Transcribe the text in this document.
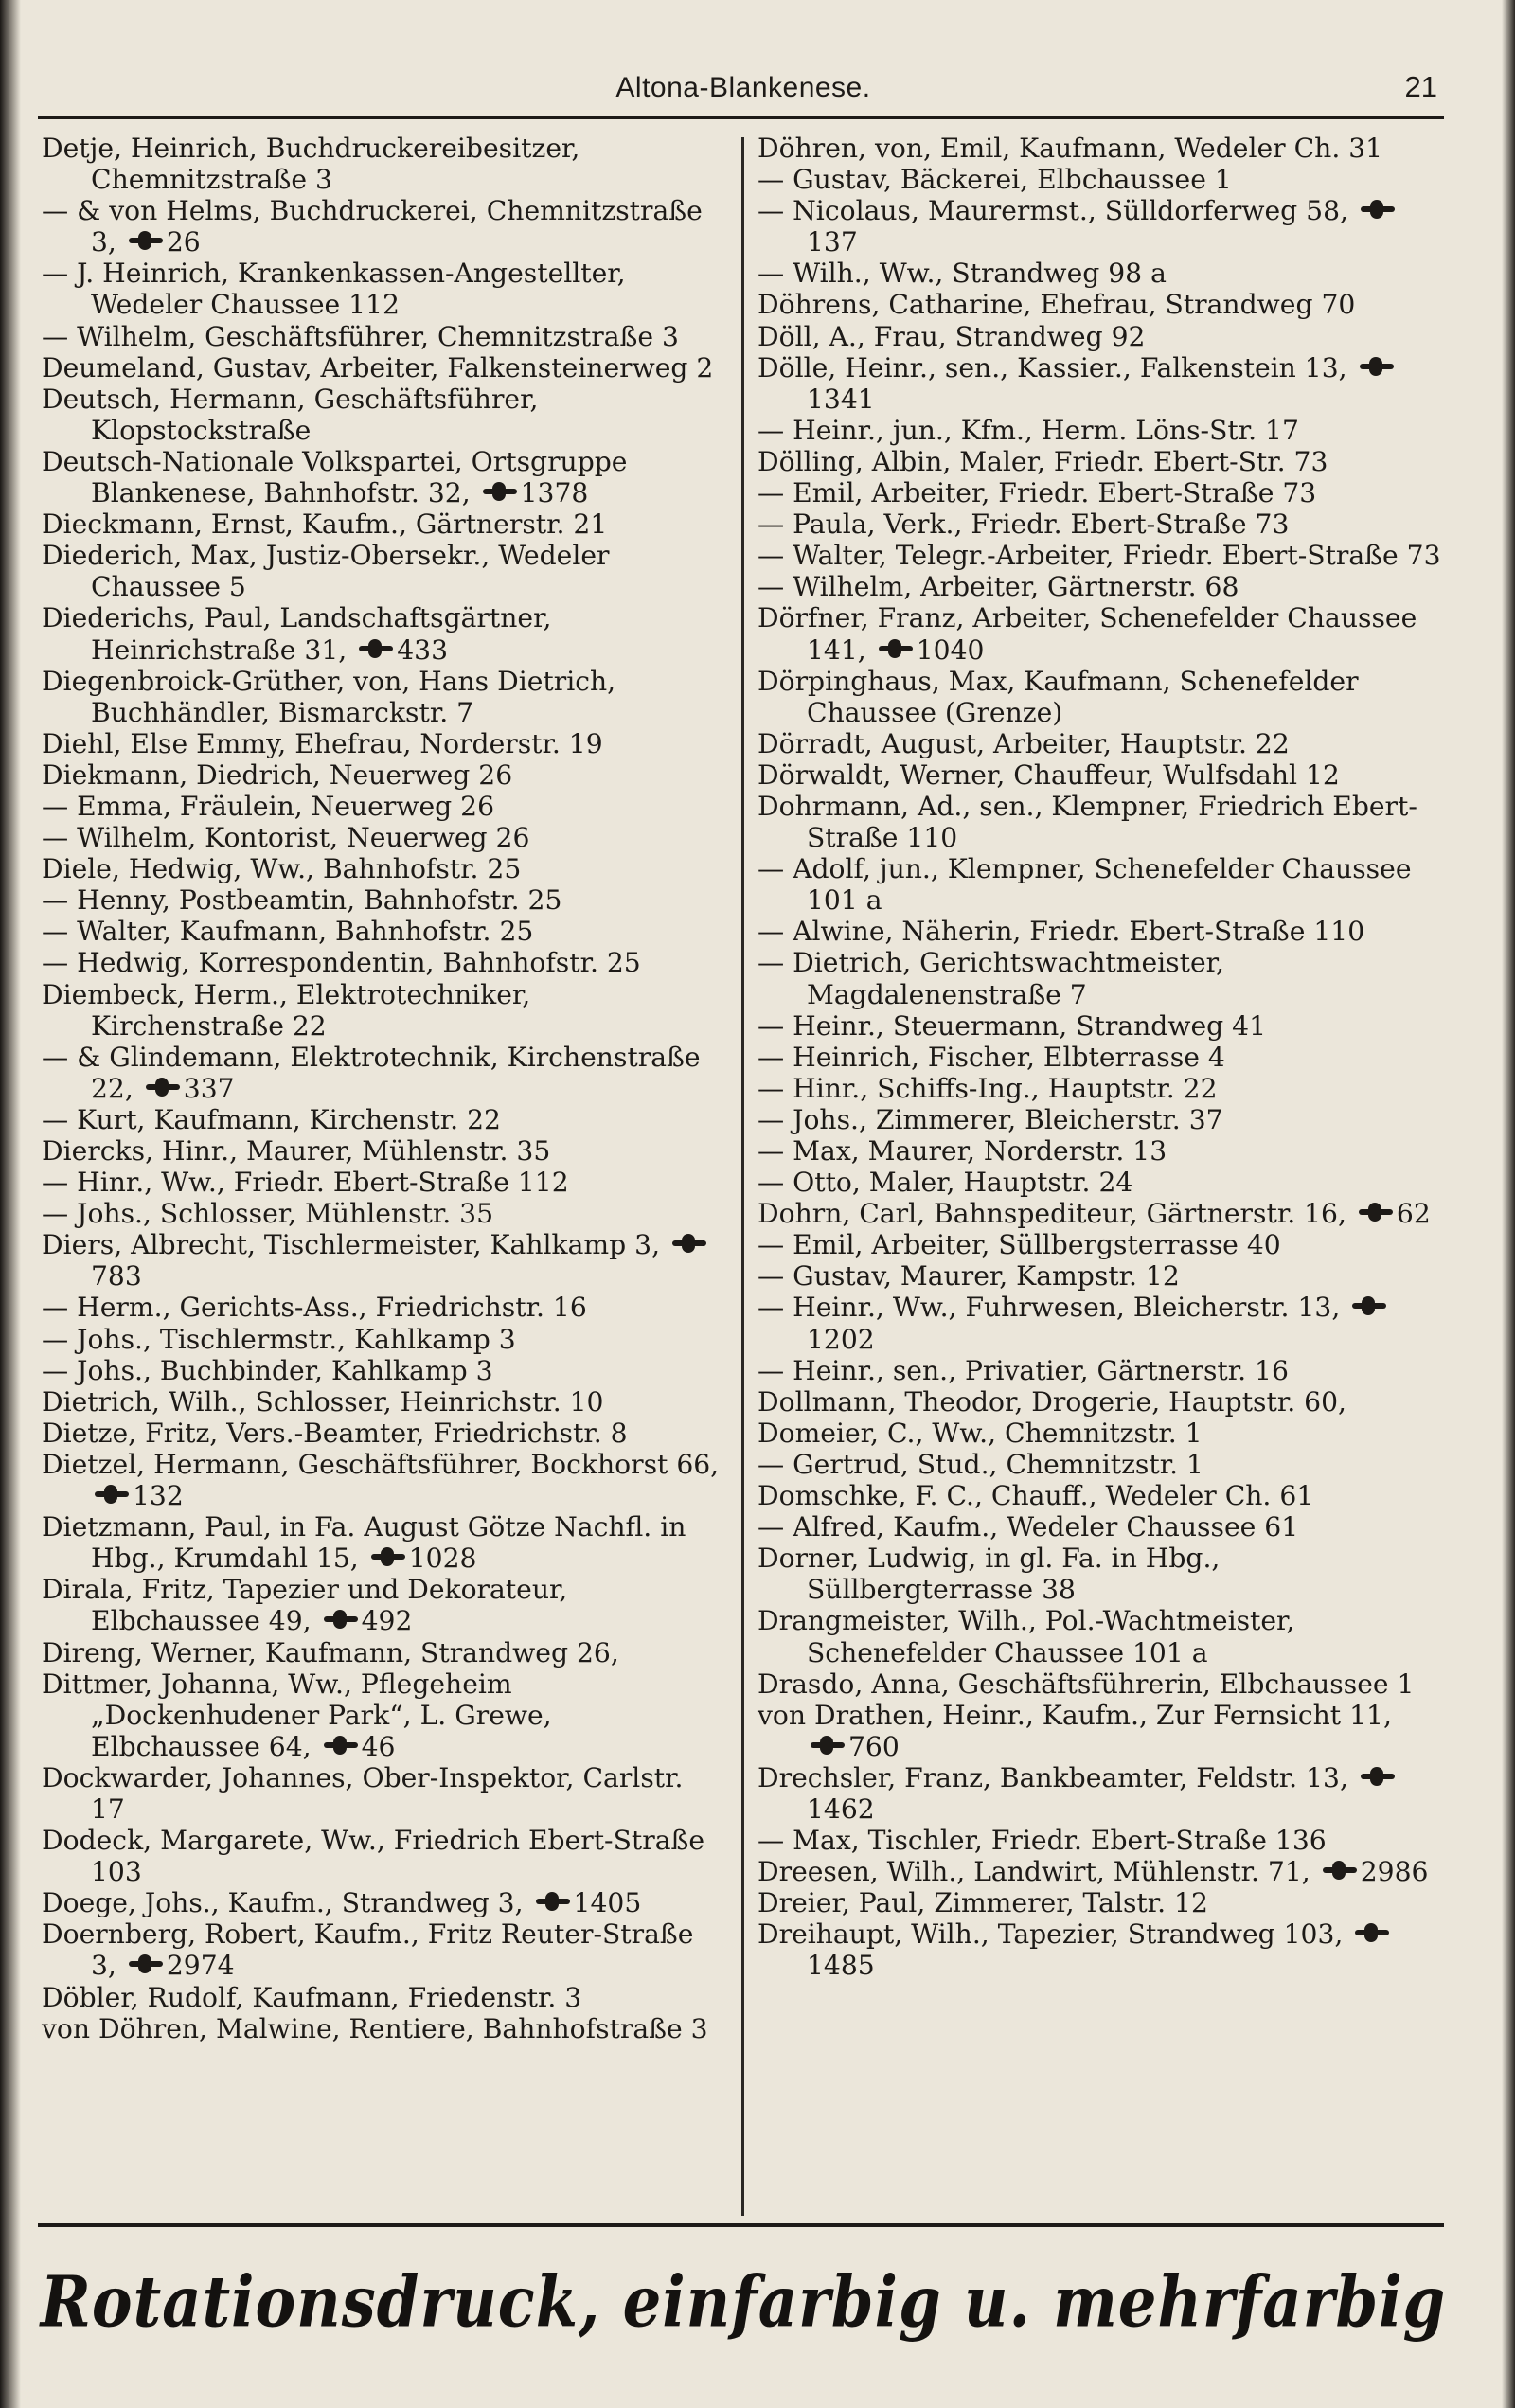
Altona-Blankenese.	21
Detje, Heinrich, Buchdruckereibesitzer, Chemnitzstraße 3
— & von Helms, Buchdruckerei, Chemnitzstraße 3, 26
— J. Heinrich, Krankenkassen-Angestellter, Wedeler Chaussee 112
— Wilhelm, Geschäftsführer, Chemnitzstraße 3
Deumeland, Gustav, Arbeiter, Falkensteinerweg 2
Deutsch, Hermann, Geschäftsführer, Klopstockstraße
Deutsch-Nationale Volkspartei, Ortsgruppe Blankenese, Bahnhofstr. 32, 1378
Dieckmann, Ernst, Kaufm., Gärtnerstr. 21
Diederich, Max, Justiz-Obersekr., Wedeler Chaussee 5
Diederichs, Paul, Landschaftsgärtner, Heinrichstraße 31, 433
Diegenbroick-Grüther, von, Hans Dietrich, Buchhändler, Bismarckstr. 7
Diehl, Else Emmy, Ehefrau, Norderstr. 19
Diekmann, Diedrich, Neuerweg 26
— Emma, Fräulein, Neuerweg 26
— Wilhelm, Kontorist, Neuerweg 26
Diele, Hedwig, Ww., Bahnhofstr. 25
— Henny, Postbeamtin, Bahnhofstr. 25
— Walter, Kaufmann, Bahnhofstr. 25
— Hedwig, Korrespondentin, Bahnhofstr. 25
Diembeck, Herm., Elektrotechniker, Kirchenstraße 22
— & Glindemann, Elektrotechnik, Kirchenstraße 22, 337
— Kurt, Kaufmann, Kirchenstr. 22
Diercks, Hinr., Maurer, Mühlenstr. 35
— Hinr., Ww., Friedr. Ebert-Straße 112
— Johs., Schlosser, Mühlenstr. 35
Diers, Albrecht, Tischlermeister, Kahlkamp 3, 783
— Herm., Gerichts-Ass., Friedrichstr. 16
— Johs., Tischlermstr., Kahlkamp 3
— Johs., Buchbinder, Kahlkamp 3
Dietrich, Wilh., Schlosser, Heinrichstr. 10
Dietze, Fritz, Vers.-Beamter, Friedrichstr. 8
Dietzel, Hermann, Geschäftsführer, Bockhorst 66, 132
Dietzmann, Paul, in Fa. August Götze Nachfl. in Hbg., Krumdahl 15, 1028
Dirala, Fritz, Tapezier und Dekorateur, Elbchaussee 49, 492
Direng, Werner, Kaufmann, Strandweg 26,
Dittmer, Johanna, Ww., Pflegeheim „Dockenhudener Park“, L. Grewe, Elbchaussee 64, 46
Dockwarder, Johannes, Ober-Inspektor, Carlstr. 17
Dodeck, Margarete, Ww., Friedrich Ebert-Straße 103
Doege, Johs., Kaufm., Strandweg 3, 1405
Doernberg, Robert, Kaufm., Fritz Reuter-Straße 3, 2974
Döbler, Rudolf, Kaufmann, Friedenstr. 3
von Döhren, Malwine, Rentiere, Bahnhofstraße 3
Döhren, von, Emil, Kaufmann, Wedeler Ch. 31
— Gustav, Bäckerei, Elbchaussee 1
— Nicolaus, Maurermst., Sülldorferweg 58, 137
— Wilh., Ww., Strandweg 98 a
Döhrens, Catharine, Ehefrau, Strandweg 70
Döll, A., Frau, Strandweg 92
Dölle, Heinr., sen., Kassier., Falkenstein 13, 1341
— Heinr., jun., Kfm., Herm. Löns-Str. 17
Dölling, Albin, Maler, Friedr. Ebert-Str. 73
— Emil, Arbeiter, Friedr. Ebert-Straße 73
— Paula, Verk., Friedr. Ebert-Straße 73
— Walter, Telegr.-Arbeiter, Friedr. Ebert-Straße 73
— Wilhelm, Arbeiter, Gärtnerstr. 68
Dörfner, Franz, Arbeiter, Schenefelder Chaussee 141, 1040
Dörpinghaus, Max, Kaufmann, Schenefelder Chaussee (Grenze)
Dörradt, August, Arbeiter, Hauptstr. 22
Dörwaldt, Werner, Chauffeur, Wulfsdahl 12
Dohrmann, Ad., sen., Klempner, Friedrich Ebert-Straße 110
— Adolf, jun., Klempner, Schenefelder Chaussee 101 a
— Alwine, Näherin, Friedr. Ebert-Straße 110
— Dietrich, Gerichtswachtmeister, Magdalenenstraße 7
— Heinr., Steuermann, Strandweg 41
— Heinrich, Fischer, Elbterrasse 4
— Hinr., Schiffs-Ing., Hauptstr. 22
— Johs., Zimmerer, Bleicherstr. 37
— Max, Maurer, Norderstr. 13
— Otto, Maler, Hauptstr. 24
Dohrn, Carl, Bahnspediteur, Gärtnerstr. 16, 62
— Emil, Arbeiter, Süllbergsterrasse 40
— Gustav, Maurer, Kampstr. 12
— Heinr., Ww., Fuhrwesen, Bleicherstr. 13, 1202
— Heinr., sen., Privatier, Gärtnerstr. 16
Dollmann, Theodor, Drogerie, Hauptstr. 60,
Domeier, C., Ww., Chemnitzstr. 1
— Gertrud, Stud., Chemnitzstr. 1
Domschke, F. C., Chauff., Wedeler Ch. 61
— Alfred, Kaufm., Wedeler Chaussee 61
Dorner, Ludwig, in gl. Fa. in Hbg., Süllbergterrasse 38
Drangmeister, Wilh., Pol.-Wachtmeister, Schenefelder Chaussee 101 a
Drasdo, Anna, Geschäftsführerin, Elbchaussee 1
von Drathen, Heinr., Kaufm., Zur Fernsicht 11, 760
Drechsler, Franz, Bankbeamter, Feldstr. 13, 1462
— Max, Tischler, Friedr. Ebert-Straße 136
Dreesen, Wilh., Landwirt, Mühlenstr. 71, 2986
Dreier, Paul, Zimmerer, Talstr. 12
Dreihaupt, Wilh., Tapezier, Strandweg 103, 1485
Rotationsdruck, einfarbig u. mehrfarbig
